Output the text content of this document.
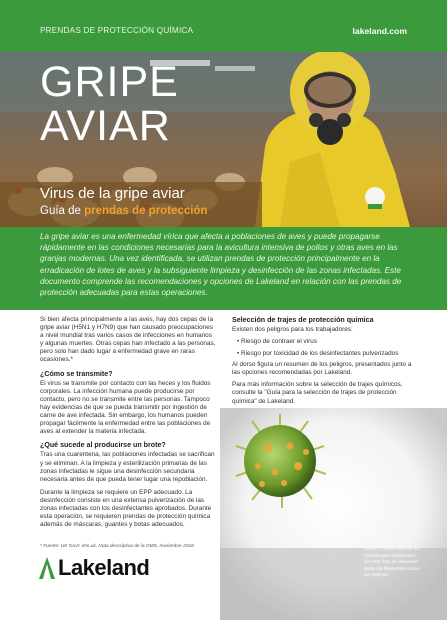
PRENDAS DE PROTECCIÓN QUÍMICA	lakeland.com
GRIPE
AVIAR
Virus de la gripe aviar
Guía de prendas de protección

La gripe aviar es una enfermedad vírica que afecta a poblaciones de aves y puede propagarse rápidamente en las condiciones necesarias para la avicultura intensiva de pollos y otras aves en las granjas modernas. Una vez identificada, se utilizan prendas de protección principalmente en la erradicación de lotes de aves y la subsiguiente limpieza y desinfección de las zonas infectadas. Este documento comprende las recomendaciones y opciones de Lakeland en relación con las prendas de protección adecuadas para estas operaciones.

Si bien afecta principalmente a las aves, hay dos cepas de la gripe aviar (H5N1 y H7N9) que han causado preocupaciones a nivel mundial tras varios casos de infecciones en humanos y algunas muertes. Otras cepas han infectado a las personas, pero solo han dado lugar a enfermedad grave en raras ocasiones.*

¿Cómo se transmite?

El virus se transmite por contacto con las heces y los fluidos corporales. La infección humana puede producirse por contacto, pero no se transmite entre las personas. Tampoco hay evidencias de que se pueda transmitir por ingestión de carne de ave infectada. Sin embargo, los humanos pueden propagar fácilmente la enfermedad entre las poblaciones de aves al extender la materia infectada.

¿Qué sucede al producirse un brote?

Tras una cuarentena, las poblaciones infectadas se sacrifican y se eliminan. A la limpieza y esterilización primarias de las zonas infectadas le sigue una desinfección secundaria necesaria antes de que pueda tener lugar una repoblación.

Durante la limpieza se requiere un EPP adecuado. La desinfección consiste en una extensa pulverización de las zonas infectadas con los desinfectantes aprobados. Durante esta operación, se requieren prendas de protección química además de máscaras, guantes y botas adecuados.

Selección de trajes de protección química

Existen dos peligros para los trabajadores:

• Riesgo de contraer el virus

• Riesgo por toxicidad de los desinfectantes pulverizados

Al dorso figura un resumen de los peligros, presentados junto a las opciones recomendadas por Lakeland.

Para más información sobre la selección de trajes químicos, consulte la "Guía para la selección de trajes de protección química" de Lakeland.

* Fuente: UK Govt: nhs.uk, Nota descriptiva de la OMS, noviembre 2016
Lakeland
Gripe A H7N9 vista en un microscopio electrónico. En esta foto se observan tanto los filamentos como las esferas.
